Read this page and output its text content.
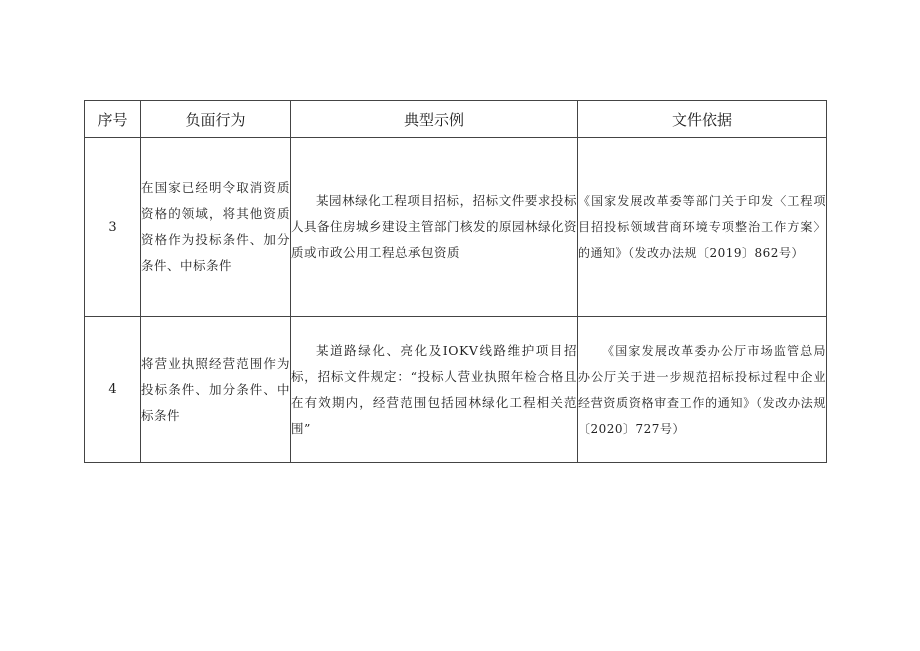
序号	负面行为	典型示例	文件依据
3	在国家已经明令取消资质资格的领域，将其他资质资格作为投标条件、加分条件、中标条件	某园林绿化工程项目招标，招标文件要求投标人具备住房城乡建设主管部门核发的原园林绿化资质或市政公用工程总承包资质	《国家发展改革委等部门关于印发〈工程项目招投标领域营商环境专项整治工作方案〉的通知》（发改办法规〔2019〕862号）
4	将营业执照经营范围作为投标条件、加分条件、中标条件	某道路绿化、亮化及IOKV线路维护项目招标，招标文件规定：“投标人营业执照年检合格且在有效期内，经营范围包括园林绿化工程相关范围”	《国家发展改革委办公厅市场监管总局办公厅关于进一步规范招标投标过程中企业经营资质资格审查工作的通知》（发改办法规〔2020〕727号）
